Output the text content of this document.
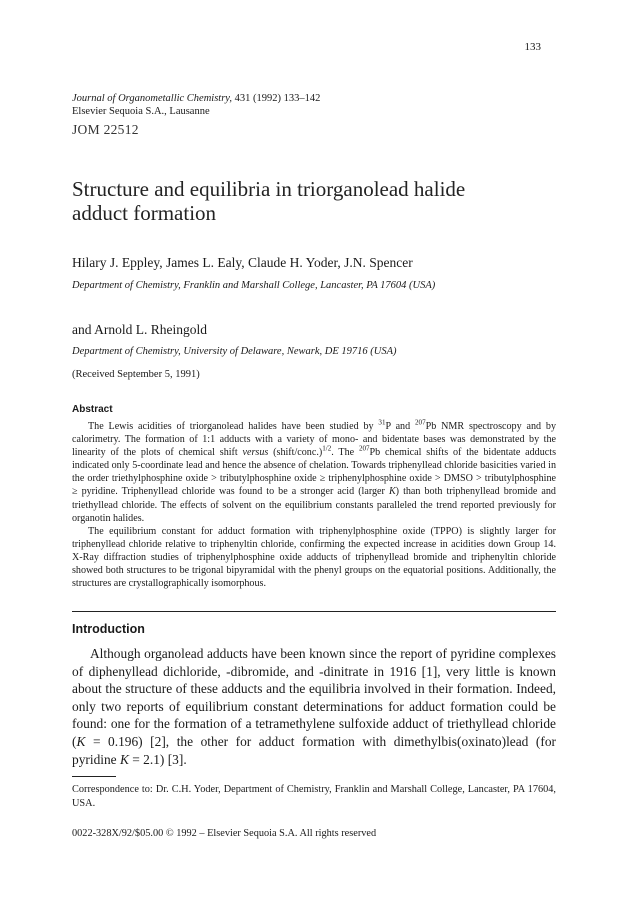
133
Journal of Organometallic Chemistry, 431 (1992) 133–142
Elsevier Sequoia S.A., Lausanne
JOM 22512
Structure and equilibria in triorganolead halide
adduct formation
Hilary J. Eppley, James L. Ealy, Claude H. Yoder, J.N. Spencer
Department of Chemistry, Franklin and Marshall College, Lancaster, PA 17604 (USA)
and Arnold L. Rheingold
Department of Chemistry, University of Delaware, Newark, DE 19716 (USA)
(Received September 5, 1991)
Abstract

The Lewis acidities of triorganolead halides have been studied by $^{31}$P and $^{207}$Pb NMR spectroscopy and by calorimetry. The formation of 1:1 adducts with a variety of mono- and bidentate bases was demonstrated by the linearity of the plots of chemical shift versus (shift/conc.)$^{1/2}$. The $^{207}$Pb chemical shifts of the bidentate adducts indicated only 5-coordinate lead and hence the absence of chelation. Towards triphenyllead chloride basicities varied in the order triethylphosphine oxide > tributylphosphine oxide ≥ triphenylphosphine oxide > DMSO > tributylphosphine ≥ pyridine. Triphenyllead chloride was found to be a stronger acid (larger K) than both triphenyllead bromide and triethyllead chloride. The effects of solvent on the equilibrium constants paralleled the trend reported previously for organotin halides.

The equilibrium constant for adduct formation with triphenylphosphine oxide (TPPO) is slightly larger for triphenyllead chloride relative to triphenyltin chloride, confirming the expected increase in acidities down Group 14. X-Ray diffraction studies of triphenylphosphine oxide adducts of triphenyllead bromide and triphenyltin chloride showed both structures to be trigonal bipyramidal with the phenyl groups on the equatorial positions. Additionally, the structures are crystallographically isomorphous.

Introduction

Although organolead adducts have been known since the report of pyridine complexes of diphenyllead dichloride, -dibromide, and -dinitrate in 1916 [1], very little is known about the structure of these adducts and the equilibria involved in their formation. Indeed, only two reports of equilibrium constant determinations for adduct formation could be found: one for the formation of a tetramethylene sulfoxide adduct of triethyllead chloride (K = 0.196) [2], the other for adduct formation with dimethylbis(oxinato)lead (for pyridine K = 2.1) [3].

Correspondence to: Dr. C.H. Yoder, Department of Chemistry, Franklin and Marshall College, Lancaster, PA 17604, USA.
0022-328X/92/$05.00 © 1992 – Elsevier Sequoia S.A. All rights reserved
